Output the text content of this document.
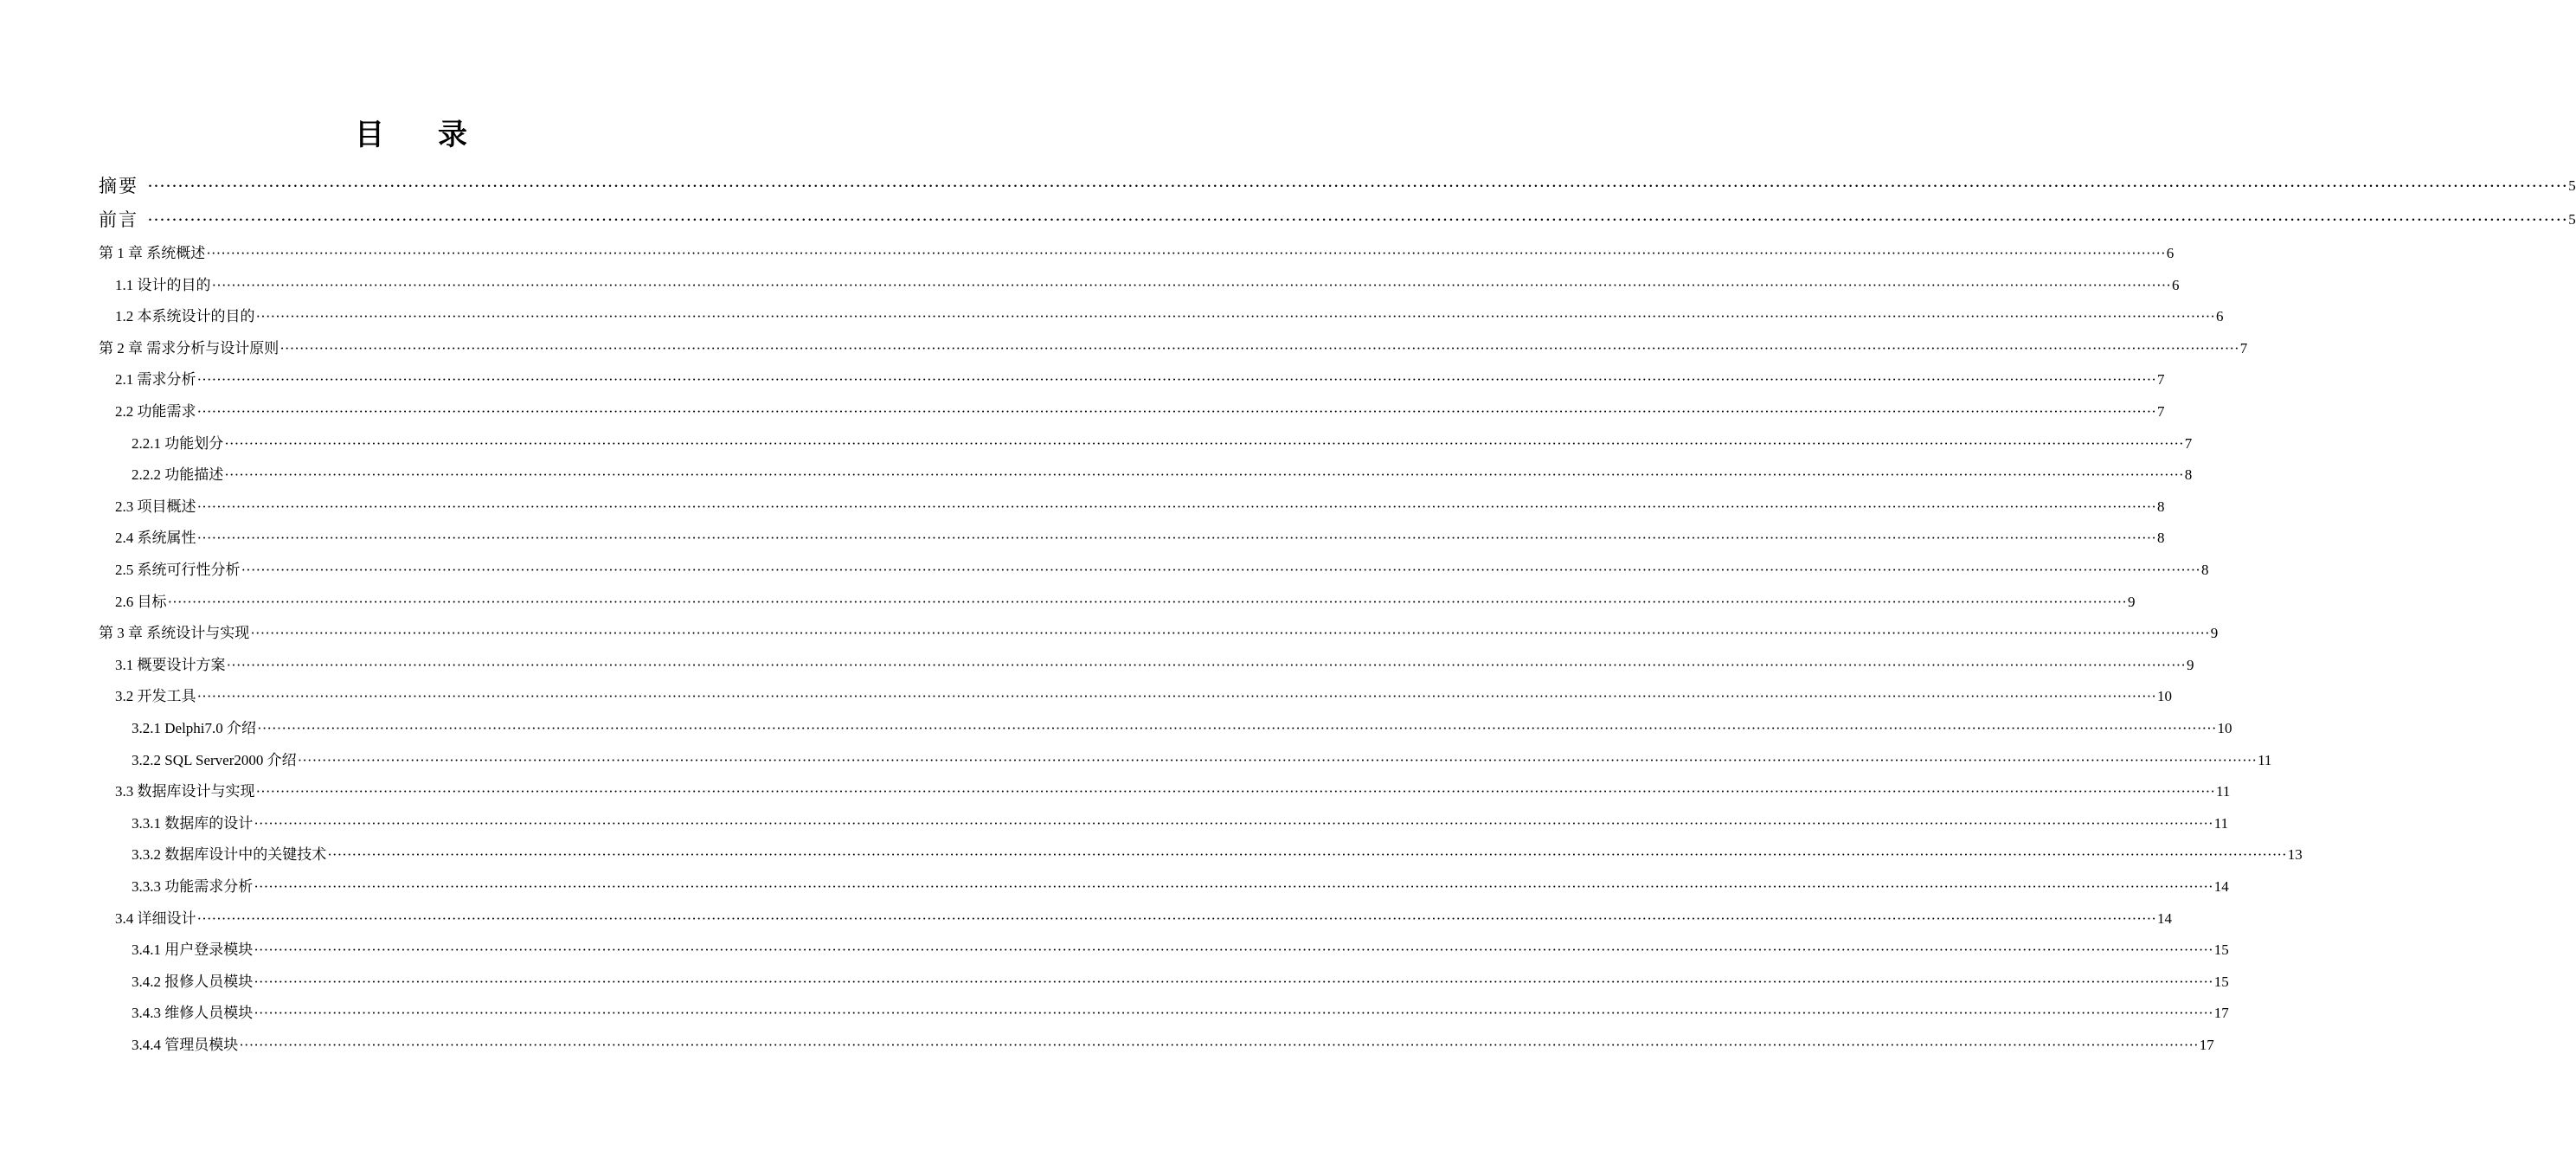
目 录
摘要 ················································································································································································································································································································································································································ 5
前言 ················································································································································································································································································································································································································ 5
第 1 章 系统概述 ················································································································································································································································································································································································································ 6
1.1 设计的目的 ················································································································································································································································································································································································································ 6
1.2 本系统设计的目的 ················································································································································································································································································································································································································ 6
第 2 章 需求分析与设计原则 ················································································································································································································································································································································································································ 7
2.1 需求分析 ················································································································································································································································································································································································································ 7
2.2 功能需求 ················································································································································································································································································································································································································ 7
2.2.1 功能划分 ················································································································································································································································································································································································································ 7
2.2.2 功能描述 ················································································································································································································································································································································································································ 8
2.3 项目概述 ················································································································································································································································································································································································································ 8
2.4 系统属性 ················································································································································································································································································································································································································ 8
2.5 系统可行性分析 ················································································································································································································································································································································································································ 8
2.6 目标 ················································································································································································································································································································································································································ 9
第 3 章 系统设计与实现 ················································································································································································································································································································································································································ 9
3.1 概要设计方案 ················································································································································································································································································································································································································ 9
3.2 开发工具 ················································································································································································································································································································································································································ 10
3.2.1 Delphi7.0 介绍 ················································································································································································································································································································································································································ 10
3.2.2 SQL Server2000 介绍 ················································································································································································································································································································································································································ 11
3.3 数据库设计与实现 ················································································································································································································································································································································································································ 11
3.3.1 数据库的设计 ················································································································································································································································································································································································································ 11
3.3.2 数据库设计中的关键技术 ················································································································································································································································································································································································································ 13
3.3.3 功能需求分析 ················································································································································································································································································································································································································ 14
3.4 详细设计 ················································································································································································································································································································································································································ 14
3.4.1 用户登录模块 ················································································································································································································································································································································································································ 15
3.4.2 报修人员模块 ················································································································································································································································································································································································································ 15
3.4.3 维修人员模块 ················································································································································································································································································································································································································ 17
3.4.4 管理员模块 ················································································································································································································································································································································································································ 17
